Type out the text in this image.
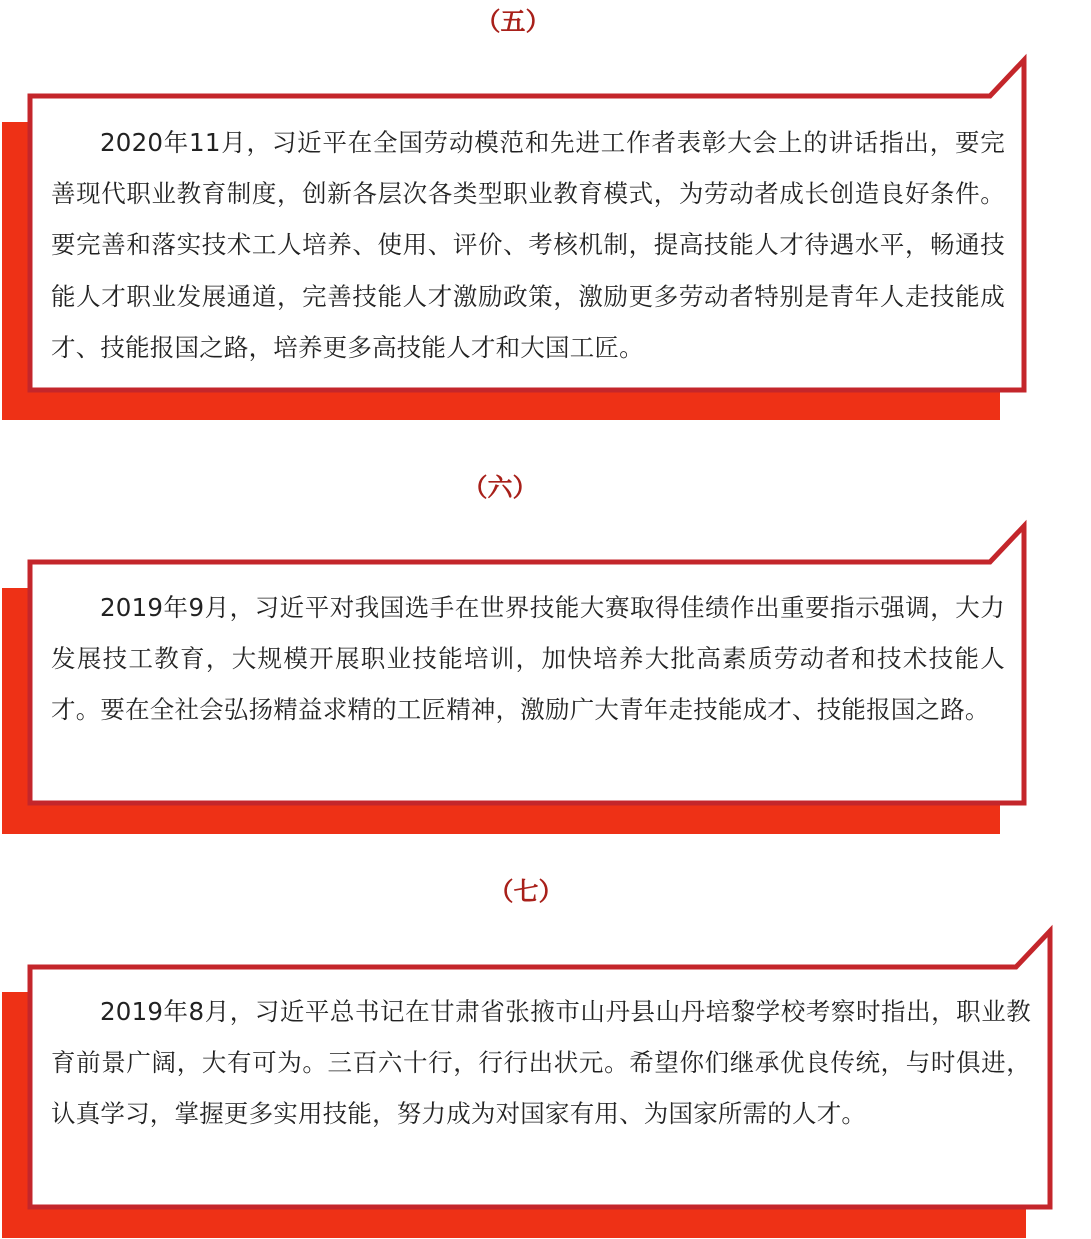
（五）

2020年11月，习近平在全国劳动模范和先进工作者表彰大会上的讲话指出，要完善现代职业教育制度，创新各层次各类型职业教育模式，为劳动者成长创造良好条件。要完善和落实技术工人培养、使用、评价、考核机制，提高技能人才待遇水平，畅通技能人才职业发展通道，完善技能人才激励政策，激励更多劳动者特别是青年人走技能成才、技能报国之路，培养更多高技能人才和大国工匠。

（六）

2019年9月，习近平对我国选手在世界技能大赛取得佳绩作出重要指示强调，大力发展技工教育，大规模开展职业技能培训，加快培养大批高素质劳动者和技术技能人才。要在全社会弘扬精益求精的工匠精神，激励广大青年走技能成才、技能报国之路。

（七）

2019年8月，习近平总书记在甘肃省张掖市山丹县山丹培黎学校考察时指出，职业教育前景广阔，大有可为。三百六十行，行行出状元。希望你们继承优良传统，与时俱进，认真学习，掌握更多实用技能，努力成为对国家有用、为国家所需的人才。
